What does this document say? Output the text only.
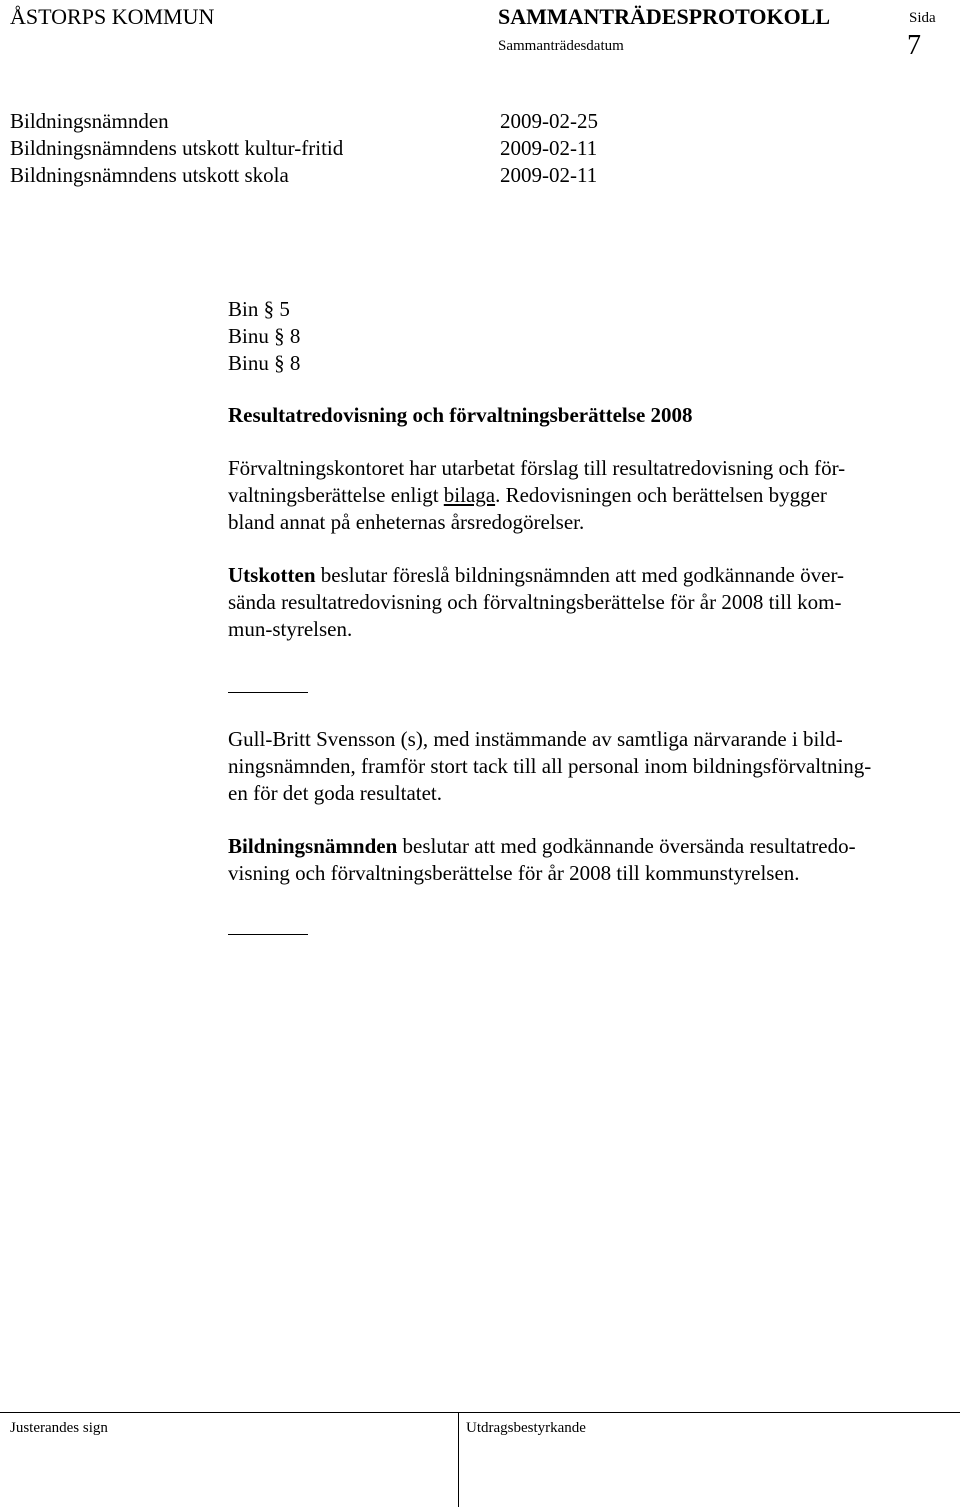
ÅSTORPS KOMMUN	SAMMANTRÄDESPROTOKOLL	Sida
Sammanträdesdatum	7
Bildningsnämnden	2009-02-25
Bildningsnämndens utskott kultur-fritid	2009-02-11
Bildningsnämndens utskott skola	2009-02-11
Bin § 5
Binu § 8
Binu § 8

Resultatredovisning och förvaltningsberättelse 2008

Förvaltningskontoret har utarbetat förslag till resultatredovisning och för-
valtningsberättelse enligt bilaga. Redovisningen och berättelsen bygger
bland annat på enheternas årsredogörelser.

Utskotten beslutar föreslå bildningsnämnden att med godkännande över-
sända resultatredovisning och förvaltningsberättelse för år 2008 till kom-
mun-styrelsen.

Gull-Britt Svensson (s), med instämmande av samtliga närvarande i bild-
ningsnämnden, framför stort tack till all personal inom bildningsförvaltning-
en för det goda resultatet.

Bildningsnämnden beslutar att med godkännande översända resultatredo-
visning och förvaltningsberättelse för år 2008 till kommunstyrelsen.

Justerandes sign	Utdragsbestyrkande
